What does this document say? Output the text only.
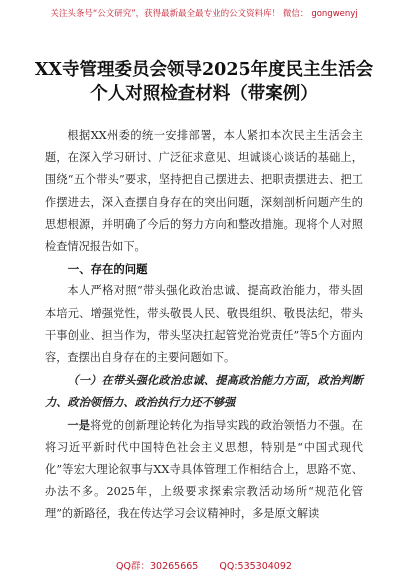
关注头条号“公文研究”，获得最新最全最专业的公文资料库！ 微信： gongwenyj
XX寺管理委员会领导2025年度民主生活会个人对照检查材料（带案例）

根据XX州委的统一安排部署，本人紧扣本次民主生活会主题，在深入学习研讨、广泛征求意见、坦诚谈心谈话的基础上，围绕“五个带头”要求，坚持把自己摆进去、把职责摆进去、把工作摆进去，深入查摆自身存在的突出问题，深刻剖析问题产生的思想根源，并明确了今后的努力方向和整改措施。现将个人对照检查情况报告如下。

一、存在的问题

本人严格对照“带头强化政治忠诚、提高政治能力，带头固本培元、增强党性，带头敬畏人民、敬畏组织、敬畏法纪，带头干事创业、担当作为，带头坚决扛起管党治党责任”等5个方面内容，查摆出自身存在的主要问题如下。

（一）在带头强化政治忠诚、提高政治能力方面，政治判断力、政治领悟力、政治执行力还不够强

一是将党的创新理论转化为指导实践的政治领悟力不强。在将习近平新时代中国特色社会主义思想，特别是“中国式现代化”等宏大理论叙事与XX寺具体管理工作相结合上，思路不宽、办法不多。2025年，上级要求探索宗教活动场所“规范化管理”的新路径，我在传达学习会议精神时，多是原文解读

QQ群：30265665 QQ:535304092
